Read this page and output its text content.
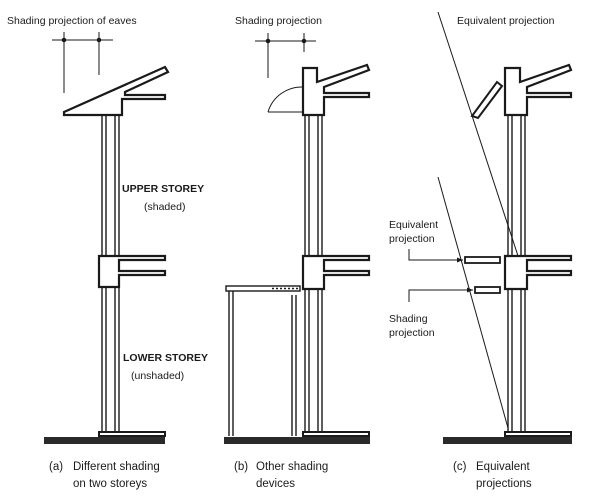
Shading projection of eaves
UPPER STOREY
(shaded)
LOWER STOREY
(unshaded)
(a) Different shading
on two storeys
Shading projection
(b) Other shading
devices
Equivalent projection
Equivalent
projection
Shading
projection
(c) Equivalent
projections
